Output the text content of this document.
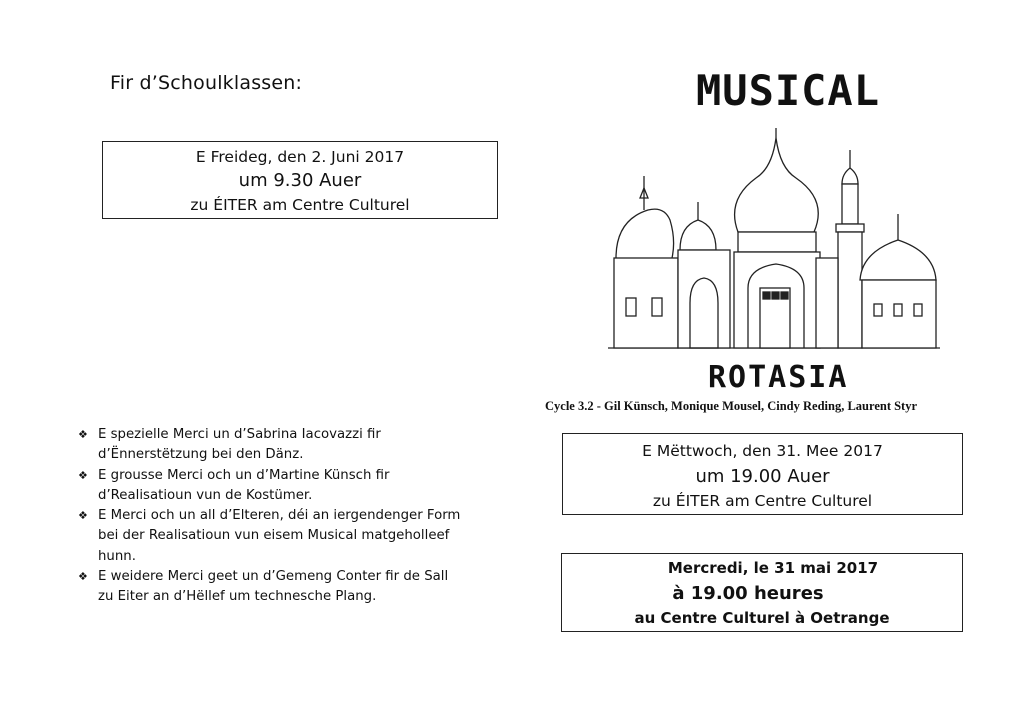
Fir d’Schoulklassen:
E Freideg, den 2. Juni 2017
um 9.30 Auer
zu ÉITER am Centre Culturel
❖ E spezielle Merci un d’Sabrina Iacovazzi fir
d’Ënnerstëtzung bei den Dänz.
❖ E grousse Merci och un d’Martine Künsch fir
d’Realisatioun vun de Kostümer.
❖ E Merci och un all d’Elteren, déi an iergendenger Form
bei der Realisatioun vun eisem Musical matgeholleef
hunn.
❖ E weidere Merci geet un d’Gemeng Conter fir de Sall
zu Eiter an d’Hëllef um technesche Plang.
MUSICAL
ROTASIA
Cycle 3.2 - Gil Künsch, Monique Mousel, Cindy Reding, Laurent Styr
E Mëttwoch, den 31. Mee 2017
um 19.00 Auer
zu ÉITER am Centre Culturel
Mercredi, le 31 mai 2017
à 19.00 heures
au Centre Culturel à Oetrange
